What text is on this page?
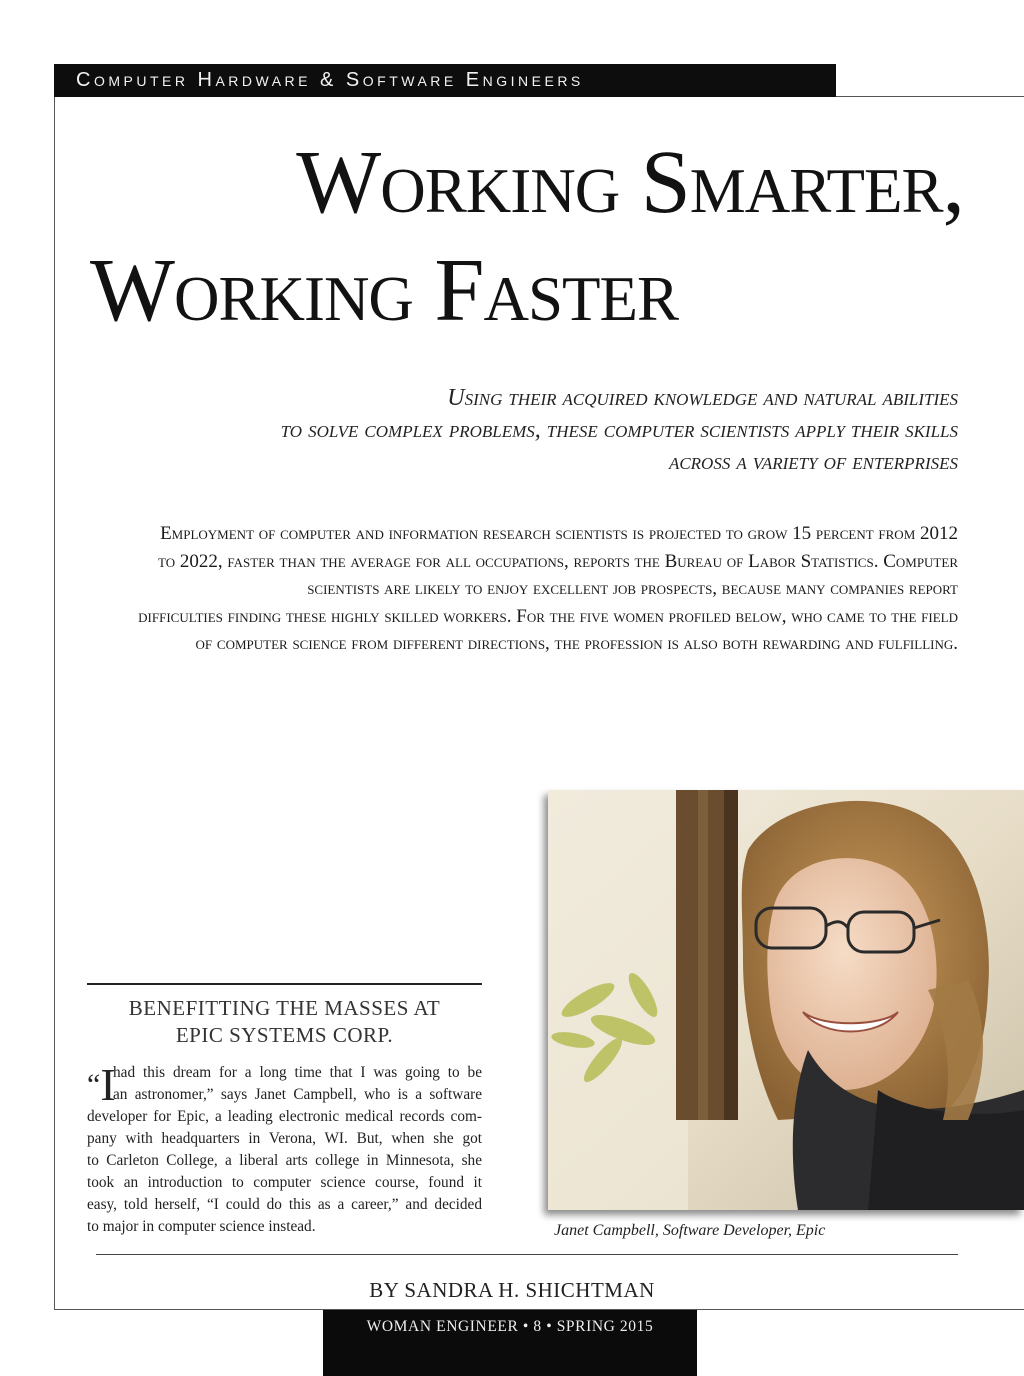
Computer Hardware & Software Engineers
Working Smarter,
Working Faster
Using their acquired knowledge and natural abilities
to solve complex problems, these computer scientists apply their skills
across a variety of enterprises
Employment of computer and information research scientists is projected to grow 15 percent from 2012
to 2022, faster than the average for all occupations, reports the Bureau of Labor Statistics. Computer
scientists are likely to enjoy excellent job prospects, because many companies report
difficulties finding these highly skilled workers. For the five women profiled below, who came to the field
of computer science from different directions, the profession is also both rewarding and fulfilling.
Janet Campbell, Software Developer, Epic
BENEFITTING THE MASSES AT
EPIC SYSTEMS CORP.
“I
had this dream for a long time that I was going to be
an astronomer,” says Janet Campbell, who is a software
developer for Epic, a leading electronic medical records com-
pany with headquarters in Verona, WI. But, when she got
to Carleton College, a liberal arts college in Minnesota, she
took an introduction to computer science course, found it
easy, told herself, “I could do this as a career,” and decided
to major in computer science instead.
BY SANDRA H. SHICHTMAN
WOMAN ENGINEER • 8 • SPRING 2015
